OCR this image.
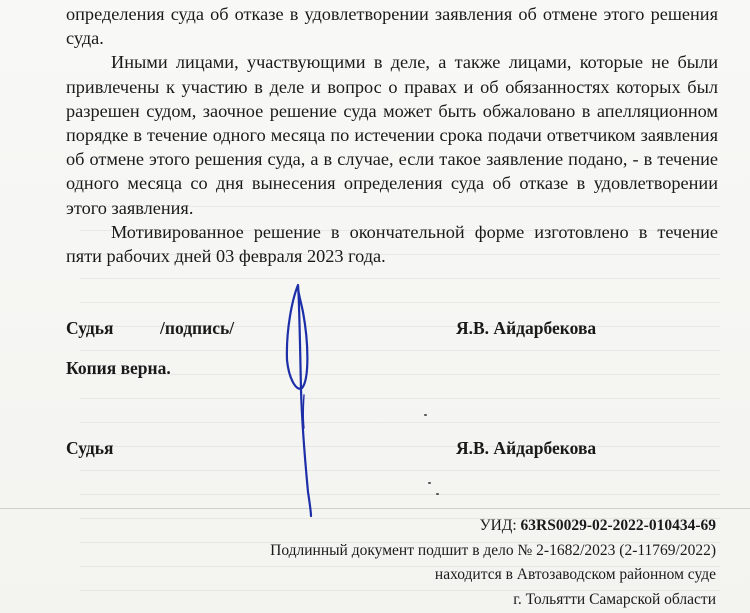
определения суда об отказе в удовлетворении заявления об отмене этого решения суда.

Иными лицами, участвующими в деле, а также лицами, которые не были привлечены к участию в деле и вопрос о правах и об обязанностях которых был разрешен судом, заочное решение суда может быть обжаловано в апелляционном порядке в течение одного месяца по истечении срока подачи ответчиком заявления об отмене этого решения суда, а в случае, если такое заявление подано, - в течение одного месяца со дня вынесения определения суда об отказе в удовлетворении этого заявления.

Мотивированное решение в окончательной форме изготовлено в течение пяти рабочих дней 03 февраля 2023 года.

Судья	/подпись/	Я.В. Айдарбекова
Копия верна.
Судья	Я.В. Айдарбекова
УИД: 63RS0029-02-2022-010434-69
Подлинный документ подшит в дело № 2-1682/2023 (2-11769/2022)
находится в Автозаводском районном суде
г. Тольятти Самарской области
